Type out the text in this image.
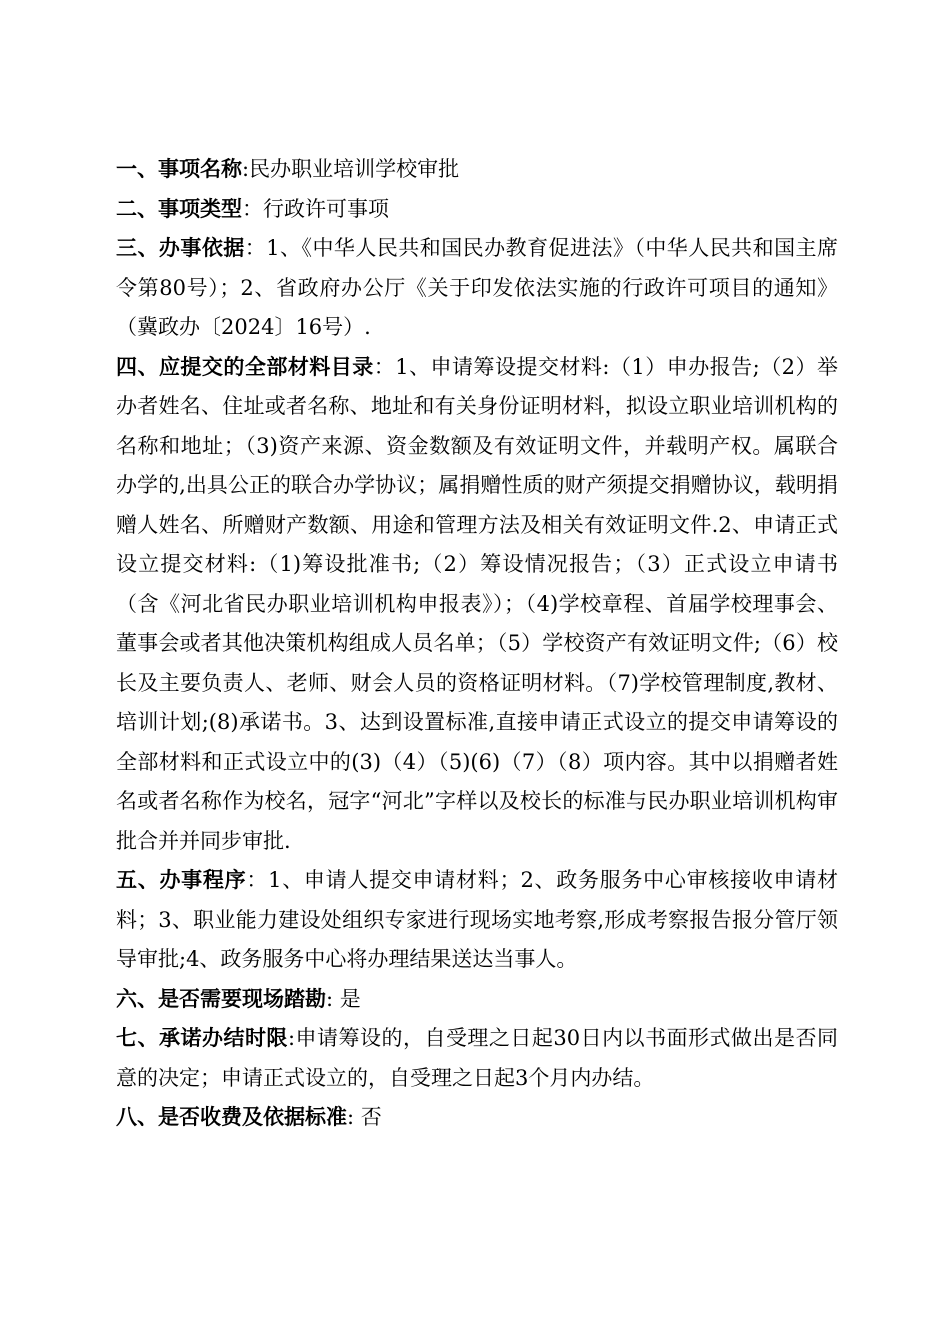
一、事项名称:民办职业培训学校审批

二、事项类型：行政许可事项

三、办事依据：1、《中华人民共和国民办教育促进法》（中华人民共和国主席令第80号）；2、省政府办公厅《关于印发依法实施的行政许可项目的通知》（冀政办〔2024〕16号）.

四、应提交的全部材料目录：1、申请筹设提交材料:（1）申办报告;（2）举办者姓名、住址或者名称、地址和有关身份证明材料，拟设立职业培训机构的名称和地址；（3)资产来源、资金数额及有效证明文件，并载明产权。属联合办学的,出具公正的联合办学协议；属捐赠性质的财产须提交捐赠协议，载明捐赠人姓名、所赠财产数额、用途和管理方法及相关有效证明文件.2、申请正式设立提交材料:（1)筹设批准书;（2）筹设情况报告；（3）正式设立申请书（含《河北省民办职业培训机构申报表》）；（4)学校章程、首届学校理事会、董事会或者其他决策机构组成人员名单；（5）学校资产有效证明文件;（6）校长及主要负责人、老师、财会人员的资格证明材料。（7)学校管理制度,教材、培训计划;(8)承诺书。3、达到设置标准,直接申请正式设立的提交申请筹设的全部材料和正式设立中的(3)（4）（5)(6)（7）（8）项内容。其中以捐赠者姓名或者名称作为校名，冠字“河北”字样以及校长的标准与民办职业培训机构审批合并并同步审批.

五、办事程序：1、申请人提交申请材料；2、政务服务中心审核接收申请材料；3、职业能力建设处组织专家进行现场实地考察,形成考察报告报分管厅领导审批;4、政务服务中心将办理结果送达当事人。

六、是否需要现场踏勘: 是

七、承诺办结时限:申请筹设的，自受理之日起30日内以书面形式做出是否同意的决定；申请正式设立的，自受理之日起3个月内办结。

八、是否收费及依据标准: 否
